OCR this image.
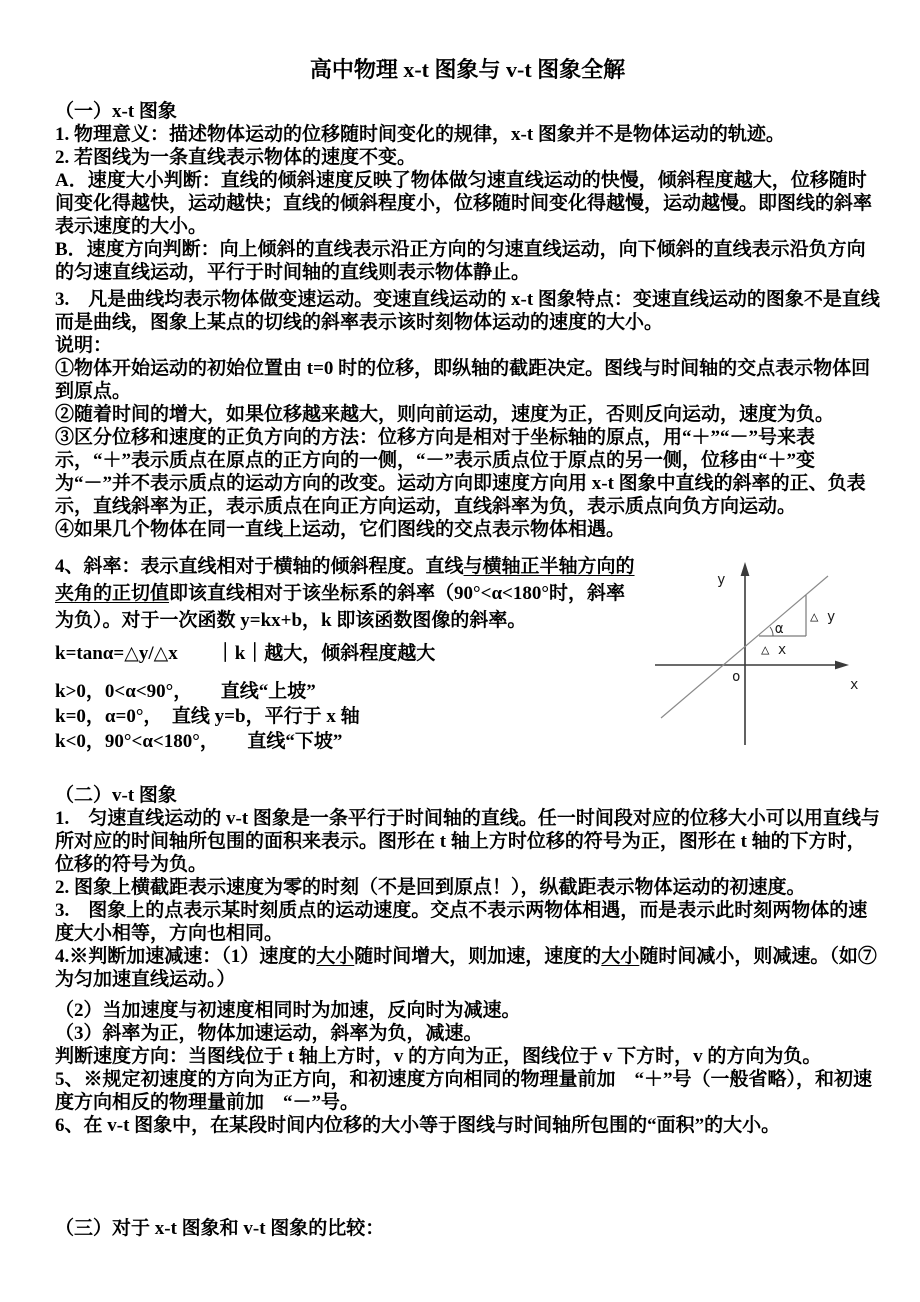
高中物理 x-t 图象与 v-t 图象全解

（一）x-t 图象

1. 物理意义：描述物体运动的位移随时间变化的规律，x-t 图象并不是物体运动的轨迹。

2. 若图线为一条直线表示物体的速度不变。

A．速度大小判断：直线的倾斜速度反映了物体做匀速直线运动的快慢，倾斜程度越大，位移随时间变化得越快，运动越快；直线的倾斜程度小，位移随时间变化得越慢，运动越慢。即图线的斜率表示速度的大小。

B．速度方向判断：向上倾斜的直线表示沿正方向的匀速直线运动，向下倾斜的直线表示沿负方向的匀速直线运动，平行于时间轴的直线则表示物体静止。

3.　凡是曲线均表示物体做变速运动。变速直线运动的 x-t 图象特点：变速直线运动的图象不是直线而是曲线，图象上某点的切线的斜率表示该时刻物体运动的速度的大小。

说明：

①物体开始运动的初始位置由 t=0 时的位移，即纵轴的截距决定。图线与时间轴的交点表示物体回到原点。

②随着时间的增大，如果位移越来越大，则向前运动，速度为正，否则反向运动，速度为负。

③区分位移和速度的正负方向的方法：位移方向是相对于坐标轴的原点，用“＋”“－”号来表示，“＋”表示质点在原点的正方向的一侧，“－”表示质点位于原点的另一侧，位移由“＋”变为“－”并不表示质点的运动方向的改变。运动方向即速度方向用 x-t 图象中直线的斜率的正、负表示，直线斜率为正，表示质点在向正方向运动，直线斜率为负，表示质点向负方向运动。

④如果几个物体在同一直线上运动，它们图线的交点表示物体相遇。

y
x
o
△ y
△ x
α

4、斜率：表示直线相对于横轴的倾斜程度。直线与横轴正半轴方向的夹角的正切值即该直线相对于该坐标系的斜率（90°<α<180°时，斜率为负）。对于一次函数 y=kx+b，k 即该函数图像的斜率。

k=tanα=△y/△x　　｜k｜越大，倾斜程度越大

k>0，0<α<90°，　　直线“上坡”

k=0，α=0°，　直线 y=b，平行于 x 轴

k<0，90°<α<180°，　　直线“下坡”

（二）v-t 图象

1.　匀速直线运动的 v-t 图象是一条平行于时间轴的直线。任一时间段对应的位移大小可以用直线与所对应的时间轴所包围的面积来表示。图形在 t 轴上方时位移的符号为正，图形在 t 轴的下方时，位移的符号为负。

2. 图象上横截距表示速度为零的时刻（不是回到原点！），纵截距表示物体运动的初速度。

3.　图象上的点表示某时刻质点的运动速度。交点不表示两物体相遇，而是表示此时刻两物体的速度大小相等，方向也相同。

4.※判断加速减速：（1）速度的大小随时间增大，则加速，速度的大小随时间减小，则减速。（如⑦为匀加速直线运动。）

（2）当加速度与初速度相同时为加速，反向时为减速。

（3）斜率为正，物体加速运动，斜率为负，减速。

判断速度方向：当图线位于 t 轴上方时，v 的方向为正，图线位于 v 下方时，v 的方向为负。

5、※规定初速度的方向为正方向，和初速度方向相同的物理量前加　“＋”号（一般省略），和初速度方向相反的物理量前加　“－”号。

6、在 v-t 图象中，在某段时间内位移的大小等于图线与时间轴所包围的“面积”的大小。

（三）对于 x-t 图象和 v-t 图象的比较：
